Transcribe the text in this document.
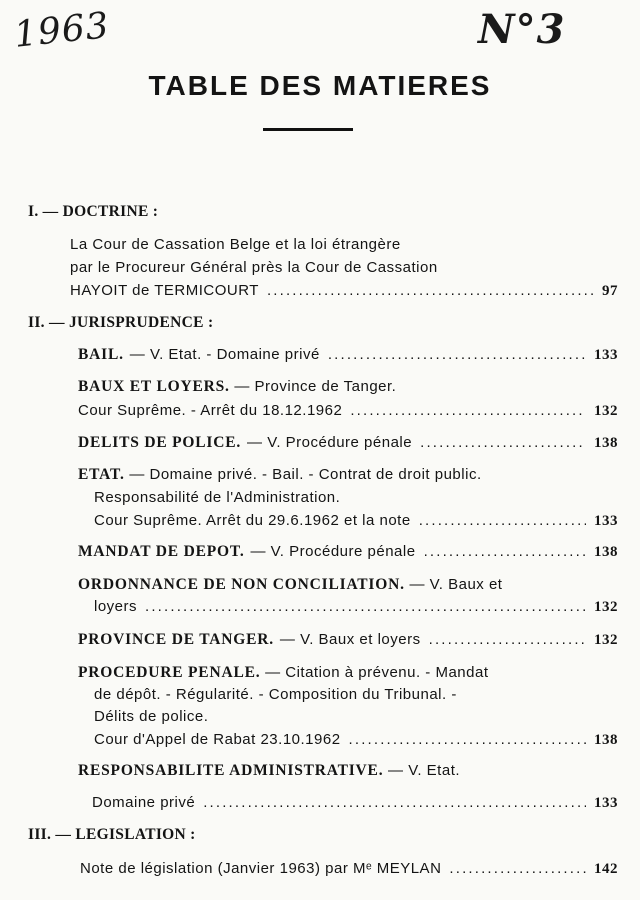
1963	N°3
TABLE DES MATIERES
I. — DOCTRINE :
La Cour de Cassation Belge et la loi étrangère
par le Procureur Général près la Cour de Cassation
HAYOIT de TERMICOURT . . .	97
II. — JURISPRUDENCE :
BAIL. — V. Etat. - Domaine privé . . .	133
BAUX ET LOYERS. — Province de Tanger.
Cour Suprême. - Arrêt du 18.12.1962 . . .	132
DELITS DE POLICE. — V. Procédure pénale . . .	138
ETAT. — Domaine privé. - Bail. - Contrat de droit public.
Responsabilité de l'Administration.
Cour Suprême. Arrêt du 29.6.1962 et la note . . .	133
MANDAT DE DEPOT. — V. Procédure pénale . . .	138
ORDONNANCE DE NON CONCILIATION. — V. Baux et
loyers . . .	132
PROVINCE DE TANGER. — V. Baux et loyers . . .	132
PROCEDURE PENALE. — Citation à prévenu. - Mandat
de dépôt. - Régularité. - Composition du Tribunal. -
Délits de police.
Cour d'Appel de Rabat 23.10.1962 . . .	138
RESPONSABILITE ADMINISTRATIVE. — V. Etat.
Domaine privé . . .	133
III. — LEGISLATION :
Note de législation (Janvier 1963) par Mᵉ MEYLAN . . .	142
